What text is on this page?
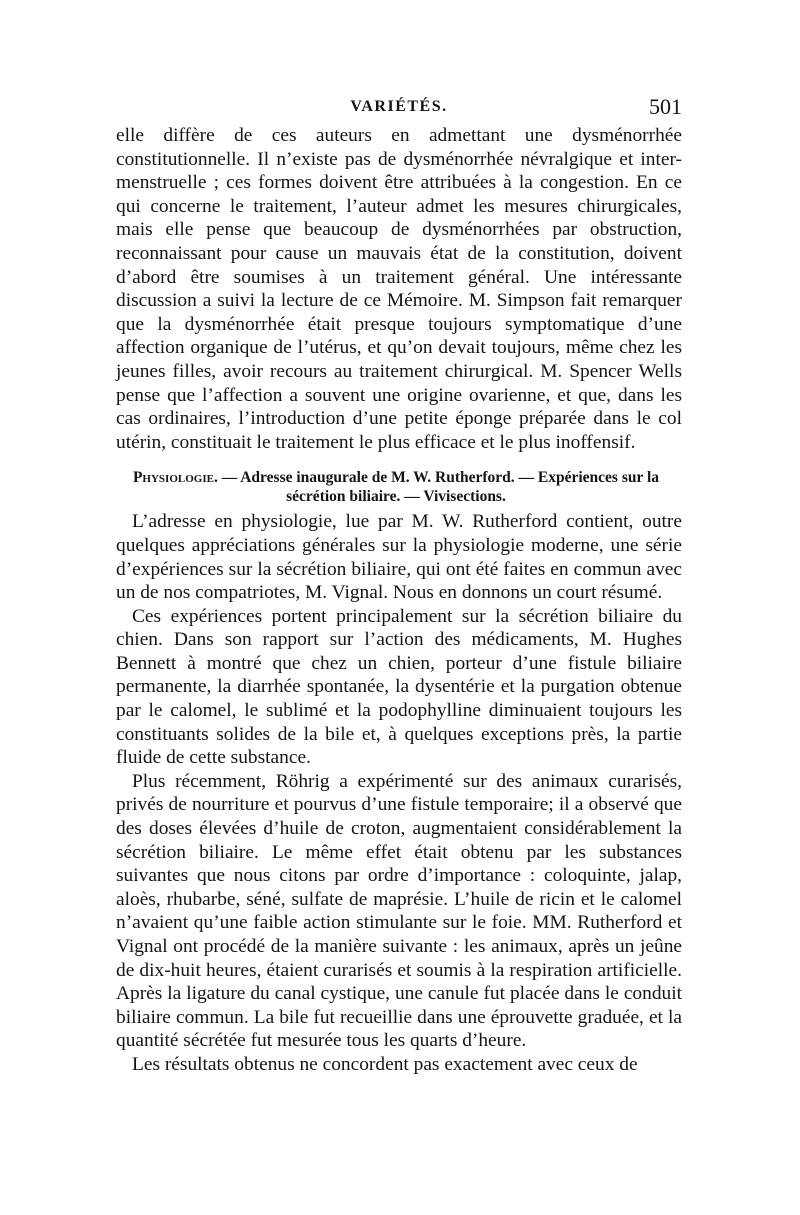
VARIÉTÉS.	501

elle diffère de ces auteurs en admettant une dysménorrhée constitutionnelle. Il n’existe pas de dysménorrhée névralgique et inter-menstruelle ; ces formes doivent être attribuées à la congestion. En ce qui concerne le traitement, l’auteur admet les mesures chirurgicales, mais elle pense que beaucoup de dysménorrhées par obstruction, reconnaissant pour cause un mauvais état de la constitution, doivent d’abord être soumises à un traitement général. Une intéressante discussion a suivi la lecture de ce Mémoire. M. Simpson fait remarquer que la dysménorrhée était presque toujours symptomatique d’une affection organique de l’utérus, et qu’on devait toujours, même chez les jeunes filles, avoir recours au traitement chirurgical. M. Spencer Wells pense que l’affection a souvent une origine ovarienne, et que, dans les cas ordinaires, l’introduction d’une petite éponge préparée dans le col utérin, constituait le traitement le plus efficace et le plus inoffensif.

Physiologie. — Adresse inaugurale de M. W. Rutherford. — Expériences sur la sécrétion biliaire. — Vivisections.

L’adresse en physiologie, lue par M. W. Rutherford contient, outre quelques appréciations générales sur la physiologie moderne, une série d’expériences sur la sécrétion biliaire, qui ont été faites en commun avec un de nos compatriotes, M. Vignal. Nous en donnons un court résumé.

Ces expériences portent principalement sur la sécrétion biliaire du chien. Dans son rapport sur l’action des médicaments, M. Hughes Bennett à montré que chez un chien, porteur d’une fistule biliaire permanente, la diarrhée spontanée, la dysentérie et la purgation obtenue par le calomel, le sublimé et la podophylline diminuaient toujours les constituants solides de la bile et, à quelques exceptions près, la partie fluide de cette substance.

Plus récemment, Röhrig a expérimenté sur des animaux curarisés, privés de nourriture et pourvus d’une fistule temporaire; il a observé que des doses élevées d’huile de croton, augmentaient considérablement la sécrétion biliaire. Le même effet était obtenu par les substances suivantes que nous citons par ordre d’importance : coloquinte, jalap, aloès, rhubarbe, séné, sulfate de maprésie. L’huile de ricin et le calomel n’avaient qu’une faible action stimulante sur le foie. MM. Rutherford et Vignal ont procédé de la manière suivante : les animaux, après un jeûne de dix-huit heures, étaient curarisés et soumis à la respiration artificielle. Après la ligature du canal cystique, une canule fut placée dans le conduit biliaire commun. La bile fut recueillie dans une éprouvette graduée, et la quantité sécrétée fut mesurée tous les quarts d’heure.

Les résultats obtenus ne concordent pas exactement avec ceux de
